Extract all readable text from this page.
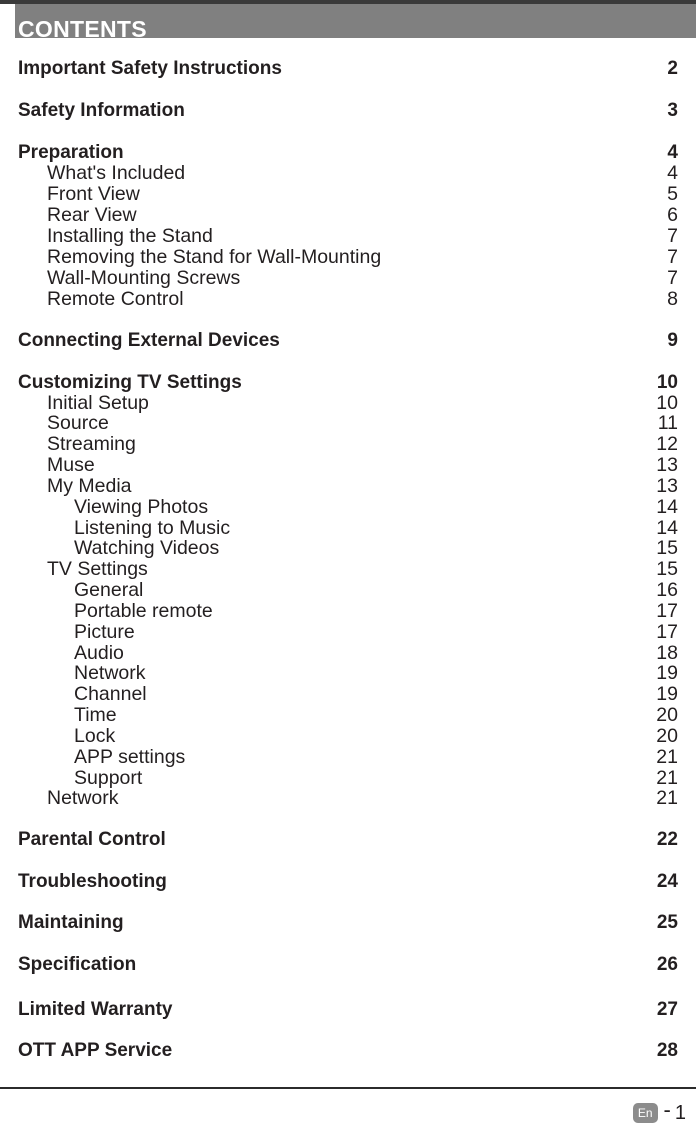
CONTENTS
Important Safety Instructions	2
Safety Information	3
Preparation	4
What's Included	4
Front View	5
Rear View	6
Installing the Stand	7
Removing the Stand for Wall-Mounting	7
Wall-Mounting Screws	7
Remote Control	8
Connecting External Devices	9
Customizing TV Settings	10
Initial Setup	10
Source	11
Streaming	12
Muse	13
My Media	13
Viewing Photos	14
Listening to Music	14
Watching Videos	15
TV Settings	15
General	16
Portable remote	17
Picture	17
Audio	18
Network	19
Channel	19
Time	20
Lock	20
APP settings	21
Support	21
Network	21
Parental Control	22
Troubleshooting	24
Maintaining	25
Specification	26
Limited Warranty	27
OTT APP Service	28
En - 1
